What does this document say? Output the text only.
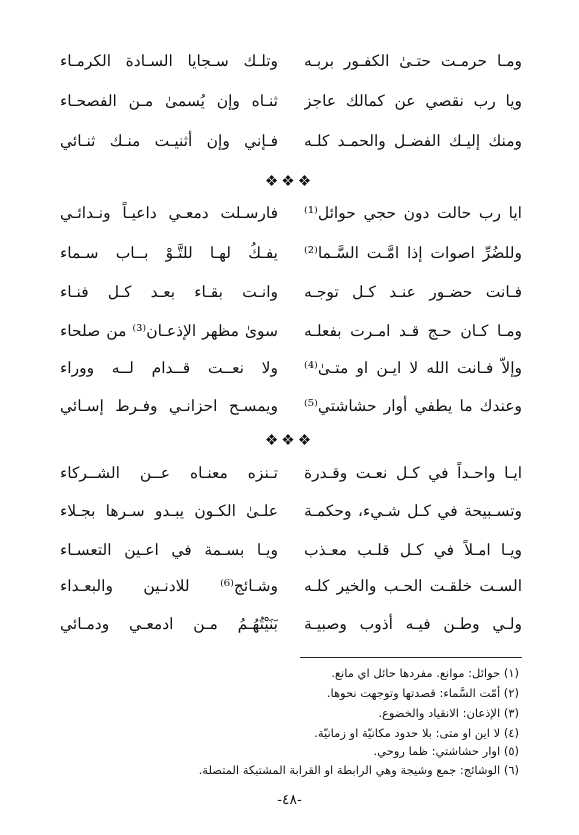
ومـا حرمـت حتـىٰ الكفـور بربـه
وتلـك سـجايا السـادة الكرمـاء
ويا رب نقصي عن كمالك عاجز
ثنـاه وإن يُسمىٰ مـن الفصحـاء
ومنك إليـك الفضـل والحمـد كلـه
فـإني وإن أثنيـت منـك ثنـائي
❖❖❖
ايا رب حالت دون حجي حوائل⁽¹⁾
فارسـلت دمعـي داعيـاً ونـدائـي
وللضُرِّ اصوات إذا امَّـت السَّـما⁽²⁾
يفـكُ لهـا للتَّـوْ بــاب سـماء
فـانت حضـور عنـد كـل توجـه
وانـت بقـاء بعـد كـل فنـاء
ومـا كـان حـج قـد امـرت بفعلـه
سوىٰ مظهر الإذعـان⁽³⁾ من صلحاء
وإلاّ فـانت الله لا ايـن او متـىٰ⁽⁴⁾
ولا نعــت قــدام لــه وورا‌ء
وعندك ما يطفي أوار حشاشتي⁽⁵⁾
ويمسـح احزانـي وفـرط إسـائي
❖❖❖
ايـا واحـداً في كـل نعـت وقـدرة
تـنزه معنـاه عــن الشــركاء
وتسـبيحة في كـل شـيء، وحكمـة
علـىٰ الكـون يبـدو سـرها بجـلاء
ويـا امـلاً في كـل قلـب معـذب
ويـا بسـمة في اعـين التعسـاء
السـت خلقـت الحـب والخير كلـه
وشـائج⁽⁶⁾ للادنـين والبعـداء
ولـي وطـن فيـه أذوب وصبيـة
بَنَيْتُهُـمُ مـن ادمعـي ودمـائي
(١) حوائل: موانع. مفردها حائل اي مانع.
(٢) أمّت السَّماء: قصدتها وتوجهت نحوها.
(٣) الإذعان: الانقياد والخضوع.
(٤) لا اين او متى: بلا حدود مكانيّة او زمانيّة.
(٥) اوار حشاشتي: ظما روحي.
(٦) الوشائج: جمع وشيجة وهي الرابطة او القرابة المشتبكة المتصلة.
-٤٨-
